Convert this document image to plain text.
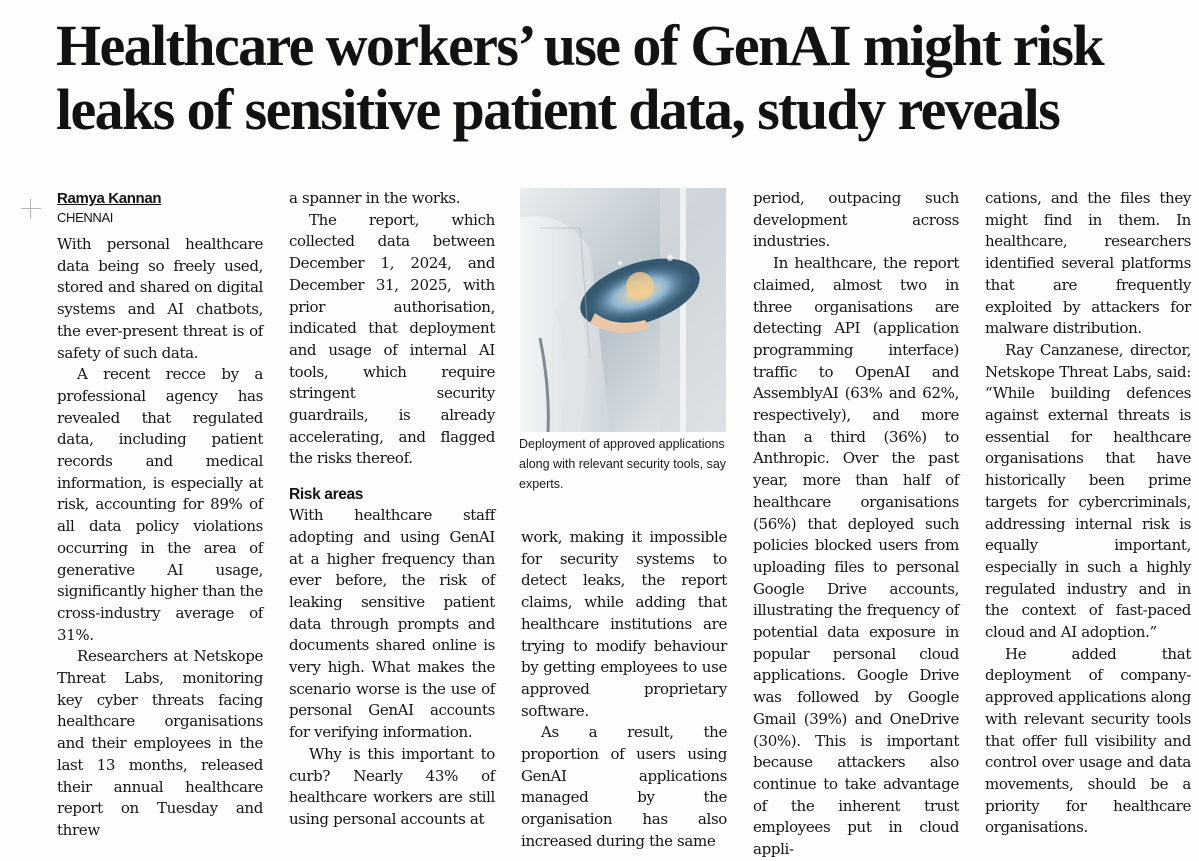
Healthcare workers’ use of GenAI might risk
leaks of sensitive patient data, study reveals
Ramya Kannan
CHENNAI

With personal healthcare data being so freely used, stored and shared on digital systems and AI chatbots, the ever-present threat is of safety of such data.

A recent recce by a professional agency has revealed that regulated data, including patient records and medical information, is especially at risk, accounting for 89% of all data policy violations occurring in the area of generative AI usage, significantly higher than the cross-industry average of 31%.

Researchers at Netskope Threat Labs, monitoring key cyber threats facing healthcare organisations and their employees in the last 13 months, released their annual healthcare report on Tuesday and threw

a spanner in the works.

The report, which collected data between December 1, 2024, and December 31, 2025, with prior authorisation, indicated that deployment and usage of internal AI tools, which require stringent security guardrails, is already accelerating, and flagged the risks thereof.

Risk areas

With healthcare staff adopting and using GenAI at a higher frequency than ever before, the risk of leaking sensitive patient data through prompts and documents shared online is very high. What makes the scenario worse is the use of personal GenAI accounts for verifying information.

Why is this important to curb? Nearly 43% of healthcare workers are still using personal accounts at

Deployment of approved applications along with relevant security tools, say experts.

work, making it impossible for security systems to detect leaks, the report claims, while adding that healthcare institutions are trying to modify behaviour by getting employees to use approved proprietary software.

As a result, the proportion of users using GenAI applications managed by the organisation has also increased during the same

period, outpacing such development across industries.

In healthcare, the report claimed, almost two in three organisations are detecting API (application programming interface) traffic to OpenAI and AssemblyAI (63% and 62%, respectively), and more than a third (36%) to Anthropic. Over the past year, more than half of healthcare organisations (56%) that deployed such policies blocked users from uploading files to personal Google Drive accounts, illustrating the frequency of potential data exposure in popular personal cloud applications. Google Drive was followed by Google Gmail (39%) and OneDrive (30%). This is important because attackers also continue to take advantage of the inherent trust employees put in cloud appli-

cations, and the files they might find in them. In healthcare, researchers identified several platforms that are frequently exploited by attackers for malware distribution.

Ray Canzanese, director, Netskope Threat Labs, said: “While building defences against external threats is essential for healthcare organisations that have historically been prime targets for cybercriminals, addressing internal risk is equally important, especially in such a highly regulated industry and in the context of fast-paced cloud and AI adoption.”

He added that deployment of company-approved applications along with relevant security tools that offer full visibility and control over usage and data movements, should be a priority for healthcare organisations.
